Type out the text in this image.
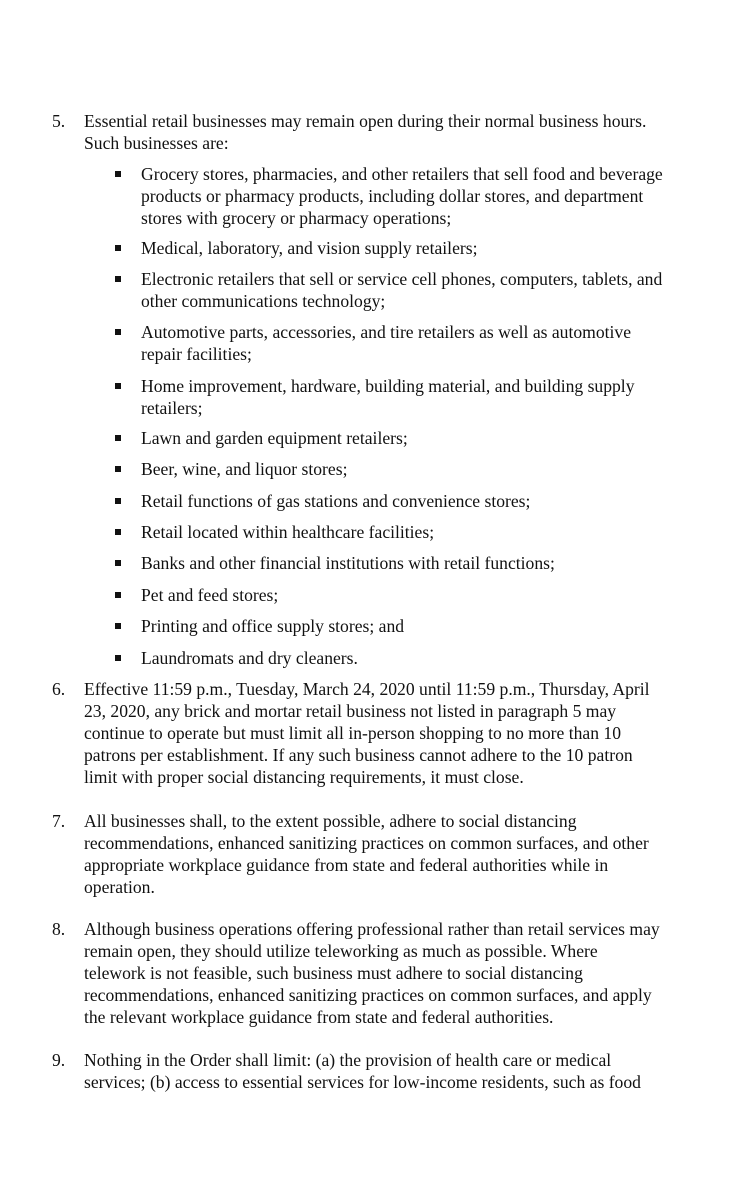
5. Essential retail businesses may remain open during their normal business hours.
Such businesses are:
Grocery stores, pharmacies, and other retailers that sell food and beverage
products or pharmacy products, including dollar stores, and department
stores with grocery or pharmacy operations;
Medical, laboratory, and vision supply retailers;
Electronic retailers that sell or service cell phones, computers, tablets, and
other communications technology;
Automotive parts, accessories, and tire retailers as well as automotive
repair facilities;
Home improvement, hardware, building material, and building supply
retailers;
Lawn and garden equipment retailers;
Beer, wine, and liquor stores;
Retail functions of gas stations and convenience stores;
Retail located within healthcare facilities;
Banks and other financial institutions with retail functions;
Pet and feed stores;
Printing and office supply stores; and
Laundromats and dry cleaners.
6. Effective 11:59 p.m., Tuesday, March 24, 2020 until 11:59 p.m., Thursday, April
23, 2020, any brick and mortar retail business not listed in paragraph 5 may
continue to operate but must limit all in-person shopping to no more than 10
patrons per establishment. If any such business cannot adhere to the 10 patron
limit with proper social distancing requirements, it must close.
7. All businesses shall, to the extent possible, adhere to social distancing
recommendations, enhanced sanitizing practices on common surfaces, and other
appropriate workplace guidance from state and federal authorities while in
operation.
8. Although business operations offering professional rather than retail services may
remain open, they should utilize teleworking as much as possible. Where
telework is not feasible, such business must adhere to social distancing
recommendations, enhanced sanitizing practices on common surfaces, and apply
the relevant workplace guidance from state and federal authorities.
9. Nothing in the Order shall limit: (a) the provision of health care or medical
services; (b) access to essential services for low-income residents, such as food
